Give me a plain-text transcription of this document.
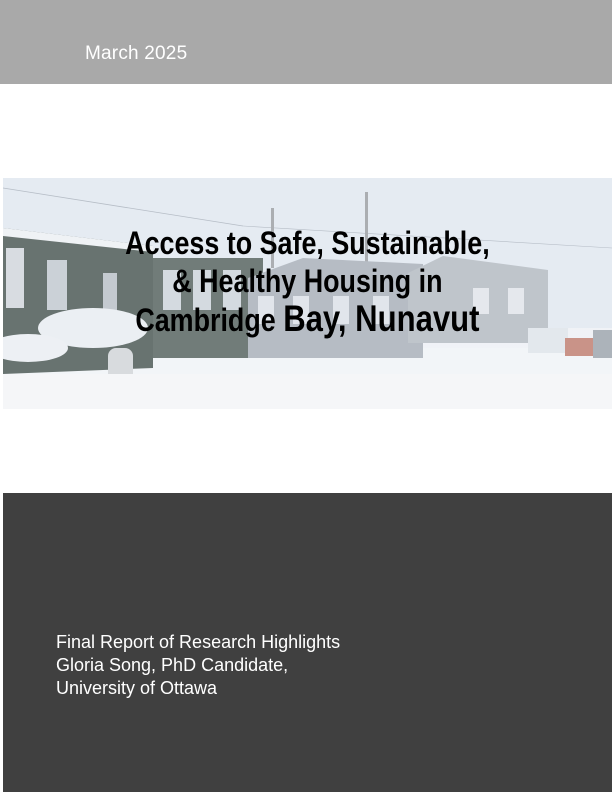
March 2025
Access to Safe, Sustainable,
& Healthy Housing in
Cambridge Bay, Nunavut
Final Report of Research Highlights
Gloria Song, PhD Candidate,
University of Ottawa
